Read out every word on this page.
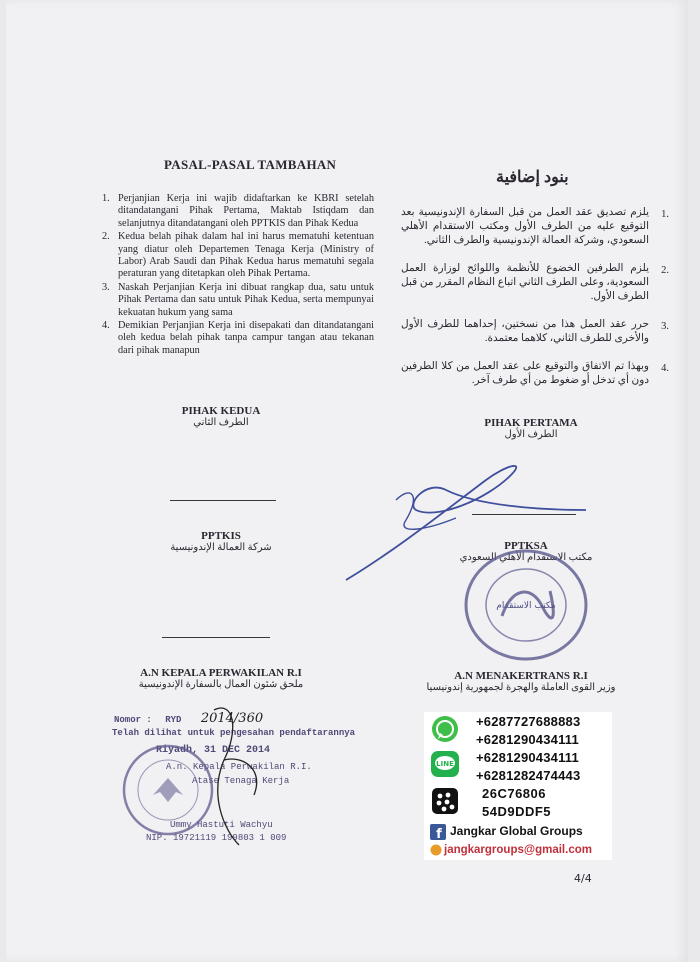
PASAL-PASAL TAMBAHAN
بنود إضافية
1. Perjanjian Kerja ini wajib didaftarkan ke KBRI setelah ditandatangani Pihak Pertama, Maktab Istiqdam dan selanjutnya ditandatangani oleh PPTKIS dan Pihak Kedua
2. Kedua belah pihak dalam hal ini harus mematuhi ketentuan yang diatur oleh Departemen Tenaga Kerja (Ministry of Labor) Arab Saudi dan Pihak Kedua harus mematuhi segala peraturan yang ditetapkan oleh Pihak Pertama.
3. Naskah Perjanjian Kerja ini dibuat rangkap dua, satu untuk Pihak Pertama dan satu untuk Pihak Kedua, serta mempunyai kekuatan hukum yang sama
4. Demikian Perjanjian Kerja ini disepakati dan ditandatangani oleh kedua belah pihak tanpa campur tangan atau tekanan dari pihak manapun
1.
يلزم تصديق عقد العمل من قبل السفارة الإندونيسية بعد التوقيع عليه من الطرف الأول ومكتب الاستقدام الأهلي السعودي، وشركة العمالة الإندونيسية والطرف الثاني.
2.
يلزم الطرفين الخضوع للأنظمة واللوائح لوزارة العمل السعودية، وعلى الطرف الثاني اتباع النظام المقرر من قبل الطرف الأول.
3.
حرر عقد العمل هذا من نسختين، إحداهما للطرف الأول والأخرى للطرف الثاني، كلاهما معتمدة.
4.
وبهذا تم الاتفاق والتوقيع على عقد العمل من كلا الطرفين دون أي تدخل أو ضغوط من أي طرف آخر.
PIHAK KEDUA
الطرف الثاني	PIHAK PERTAMA
الطرف الأول
PPTKIS
شركة العمالة الإندونيسية	PPTKSA
مكتب الاستقدام الأهلي السعودي
مكتب الاستقدام
A.N KEPALA PERWAKILAN R.I
ملحق شئون العمال بالسفارة الإندونيسية
A.N MENAKERTRANS R.I
وزير القوى العاملة والهجرة لجمهورية إندونيسيا
Nomor : RYD 2014/360
Telah dilihat untuk pengesahan pendaftarannya
Riyadh, 31 DEC 2014
A.n. Kepala Perwakilan R.I.
Atase Tenaga Kerja
Ummy Hastuti Wachyu
NIP. 19721119 199803 1 009
+6287727688883
+6281290434111
LINE +6281290434111
+6281282474443
26C76806
54D9DDF5
f Jangkar Global Groups
jangkargroups@gmail.com
4/4
